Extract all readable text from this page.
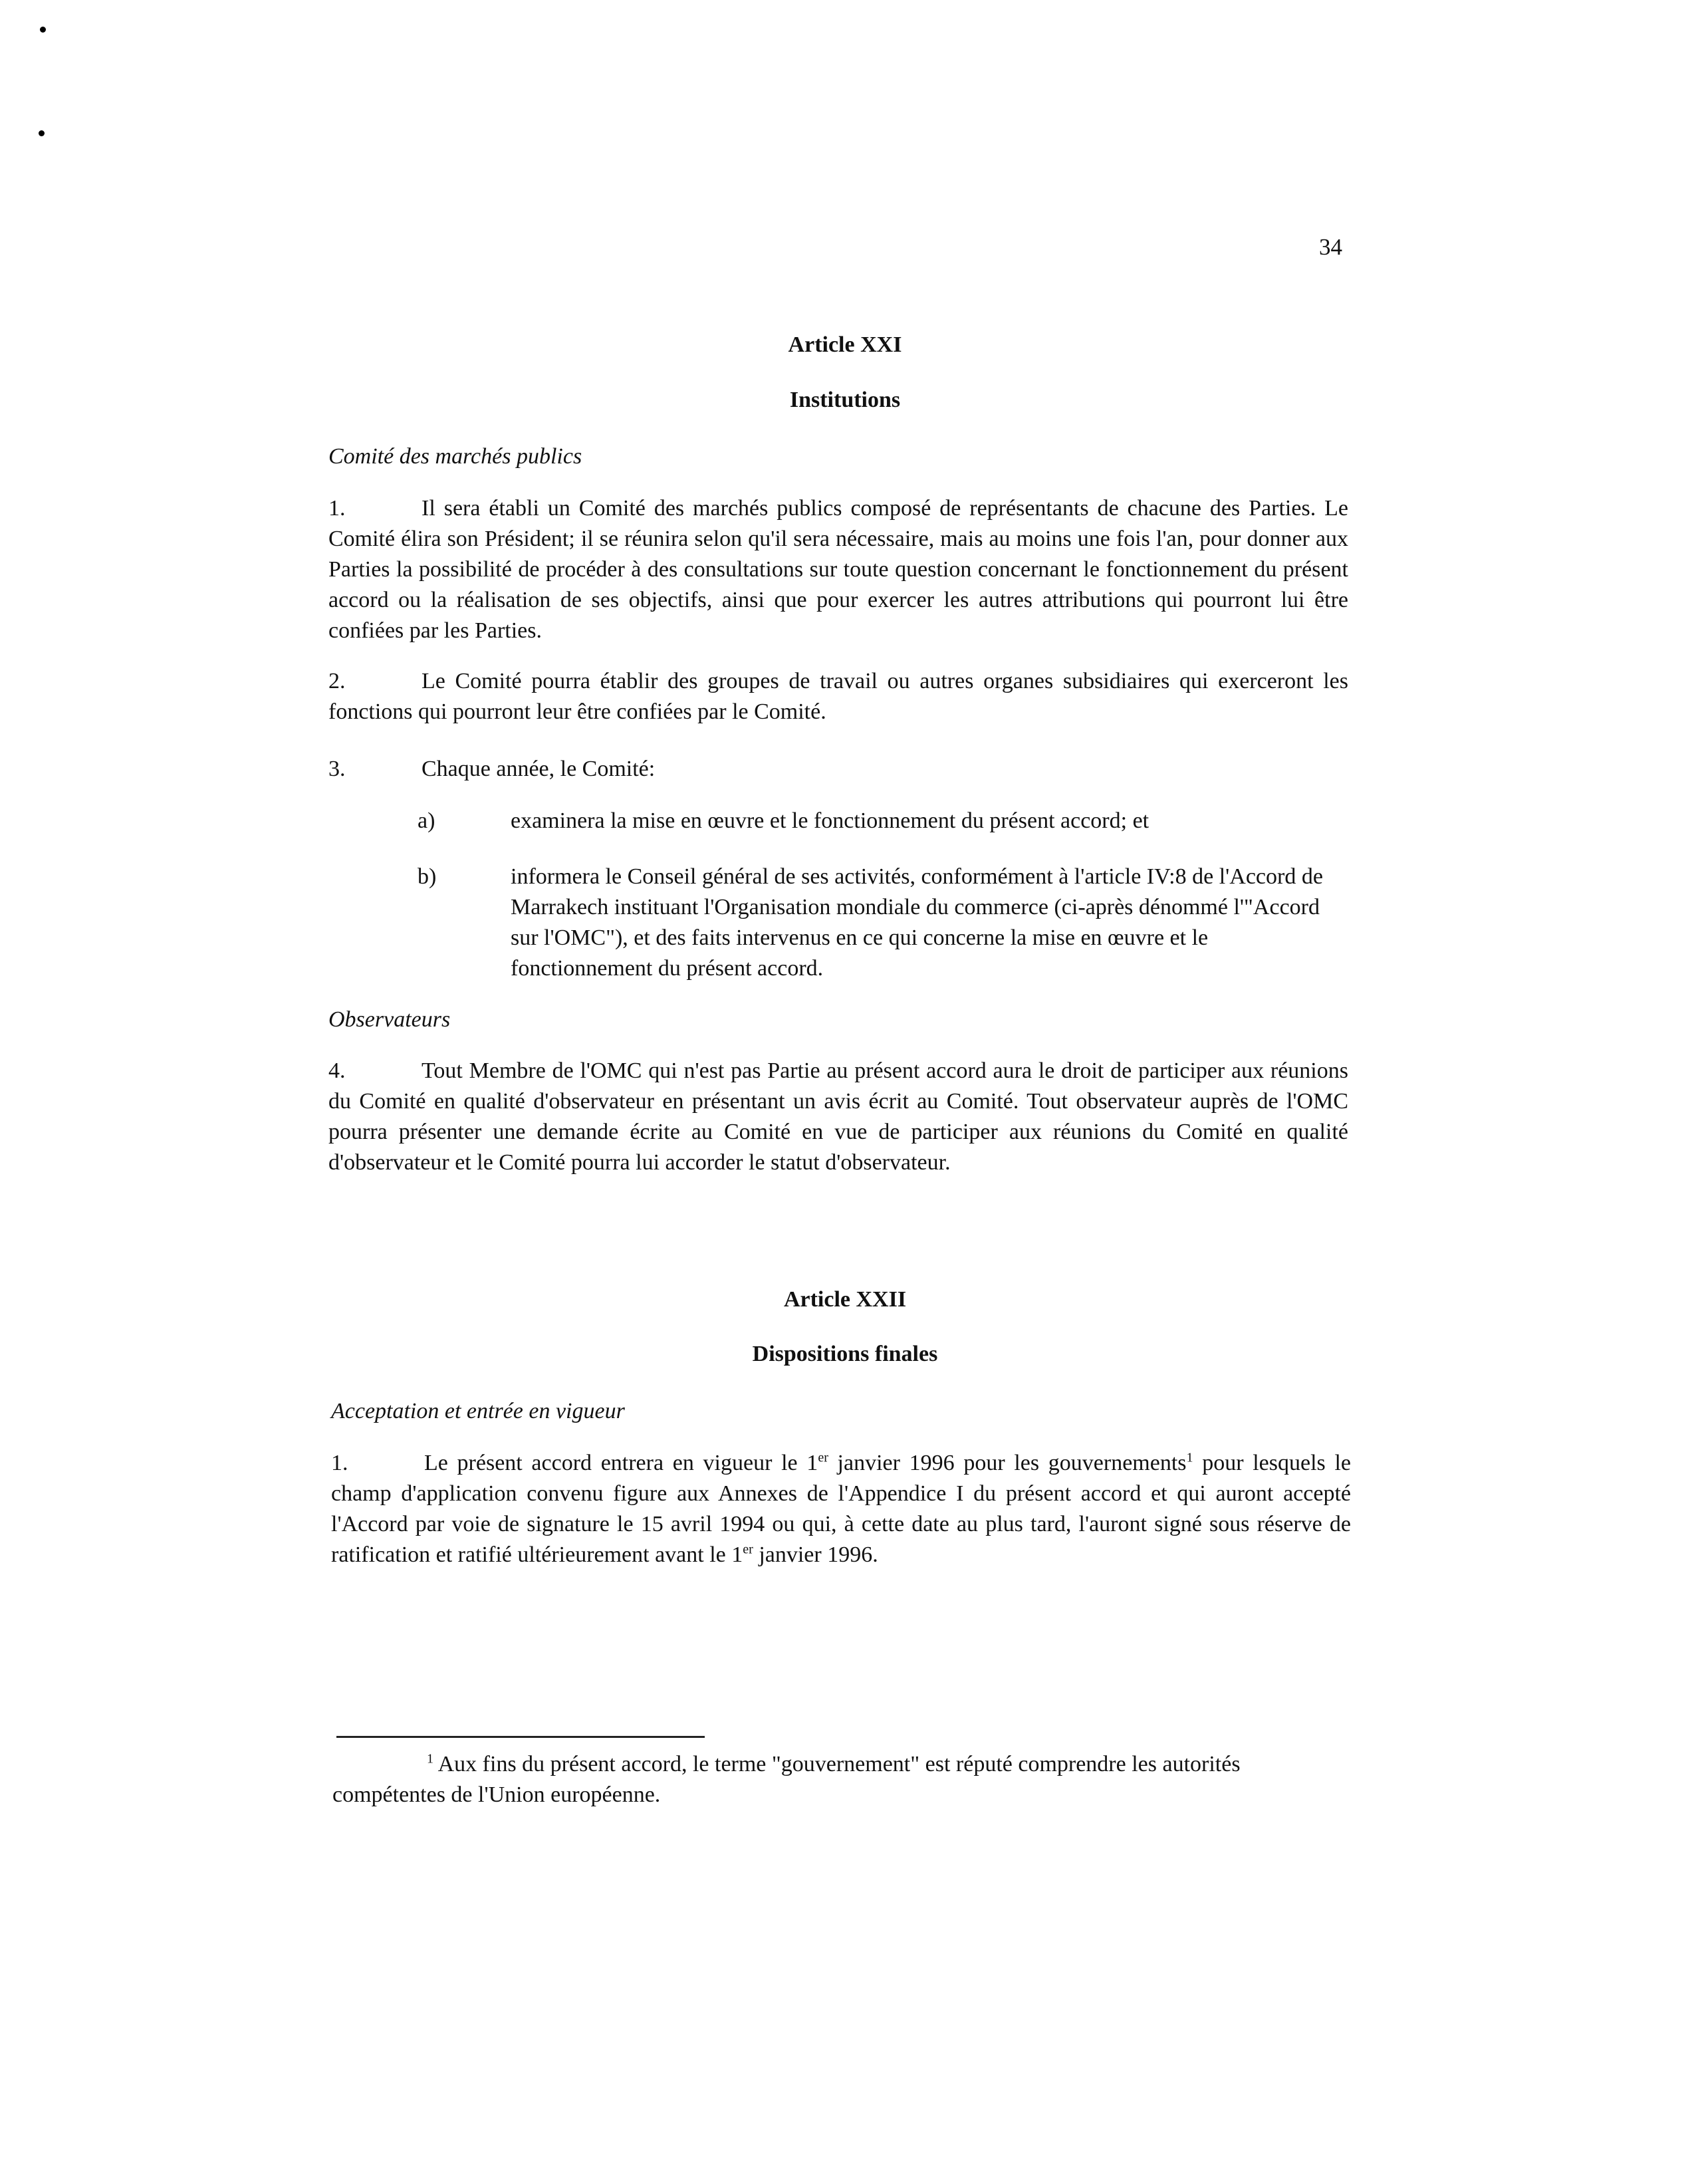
34
Article XXI
Institutions
Comité des marchés publics
1.	Il sera établi un Comité des marchés publics composé de représentants de chacune des Parties. Le Comité élira son Président; il se réunira selon qu'il sera nécessaire, mais au moins une fois l'an, pour donner aux Parties la possibilité de procéder à des consultations sur toute question concernant le fonctionnement du présent accord ou la réalisation de ses objectifs, ainsi que pour exercer les autres attributions qui pourront lui être confiées par les Parties.
2.	Le Comité pourra établir des groupes de travail ou autres organes subsidiaires qui exerceront les fonctions qui pourront leur être confiées par le Comité.
3.	Chaque année, le Comité:
a)	examinera la mise en œuvre et le fonctionnement du présent accord; et
b)	informera le Conseil général de ses activités, conformément à l'article IV:8 de l'Accord de Marrakech instituant l'Organisation mondiale du commerce (ci-après dénommé l'"Accord sur l'OMC"), et des faits intervenus en ce qui concerne la mise en œuvre et le fonctionnement du présent accord.
Observateurs
4.	Tout Membre de l'OMC qui n'est pas Partie au présent accord aura le droit de participer aux réunions du Comité en qualité d'observateur en présentant un avis écrit au Comité. Tout observateur auprès de l'OMC pourra présenter une demande écrite au Comité en vue de participer aux réunions du Comité en qualité d'observateur et le Comité pourra lui accorder le statut d'observateur.
Article XXII
Dispositions finales
Acceptation et entrée en vigueur
1.	Le présent accord entrera en vigueur le 1er janvier 1996 pour les gouvernements$^1$ pour lesquels le champ d'application convenu figure aux Annexes de l'Appendice I du présent accord et qui auront accepté l'Accord par voie de signature le 15 avril 1994 ou qui, à cette date au plus tard, l'auront signé sous réserve de ratification et ratifié ultérieurement avant le 1er janvier 1996.
$^1$ Aux fins du présent accord, le terme "gouvernement" est réputé comprendre les autorités compétentes de l'Union européenne.
